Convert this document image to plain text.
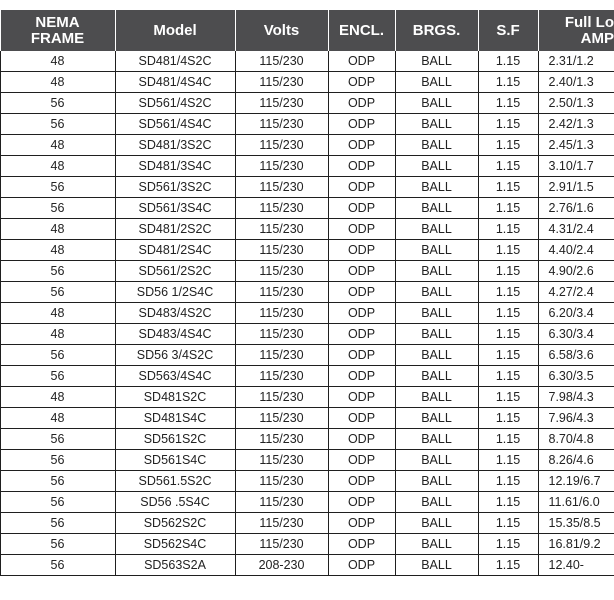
	NEMA
FRAME	Model	Volts	ENCL.	BRGS.	S.F	Full Lo
AMP
	48	SD481/4S2C	115/230	ODP	BALL	1.15	2.31/1.2
	48	SD481/4S4C	115/230	ODP	BALL	1.15	2.40/1.3
	56	SD561/4S2C	115/230	ODP	BALL	1.15	2.50/1.3
	56	SD561/4S4C	115/230	ODP	BALL	1.15	2.42/1.3
	48	SD481/3S2C	115/230	ODP	BALL	1.15	2.45/1.3
	48	SD481/3S4C	115/230	ODP	BALL	1.15	3.10/1.7
	56	SD561/3S2C	115/230	ODP	BALL	1.15	2.91/1.5
	56	SD561/3S4C	115/230	ODP	BALL	1.15	2.76/1.6
	48	SD481/2S2C	115/230	ODP	BALL	1.15	4.31/2.4
	48	SD481/2S4C	115/230	ODP	BALL	1.15	4.40/2.4
	56	SD561/2S2C	115/230	ODP	BALL	1.15	4.90/2.6
	56	SD56 1/2S4C	115/230	ODP	BALL	1.15	4.27/2.4
	48	SD483/4S2C	115/230	ODP	BALL	1.15	6.20/3.4
	48	SD483/4S4C	115/230	ODP	BALL	1.15	6.30/3.4
	56	SD56 3/4S2C	115/230	ODP	BALL	1.15	6.58/3.6
	56	SD563/4S4C	115/230	ODP	BALL	1.15	6.30/3.5
	48	SD481S2C	115/230	ODP	BALL	1.15	7.98/4.3
	48	SD481S4C	115/230	ODP	BALL	1.15	7.96/4.3
	56	SD561S2C	115/230	ODP	BALL	1.15	8.70/4.8
	56	SD561S4C	115/230	ODP	BALL	1.15	8.26/4.6
	56	SD561.5S2C	115/230	ODP	BALL	1.15	12.19/6.7
	56	SD56 .5S4C	115/230	ODP	BALL	1.15	11.61/6.0
	56	SD562S2C	115/230	ODP	BALL	1.15	15.35/8.5
	56	SD562S4C	115/230	ODP	BALL	1.15	16.81/9.2
	56	SD563S2A	208-230	ODP	BALL	1.15	12.40-
